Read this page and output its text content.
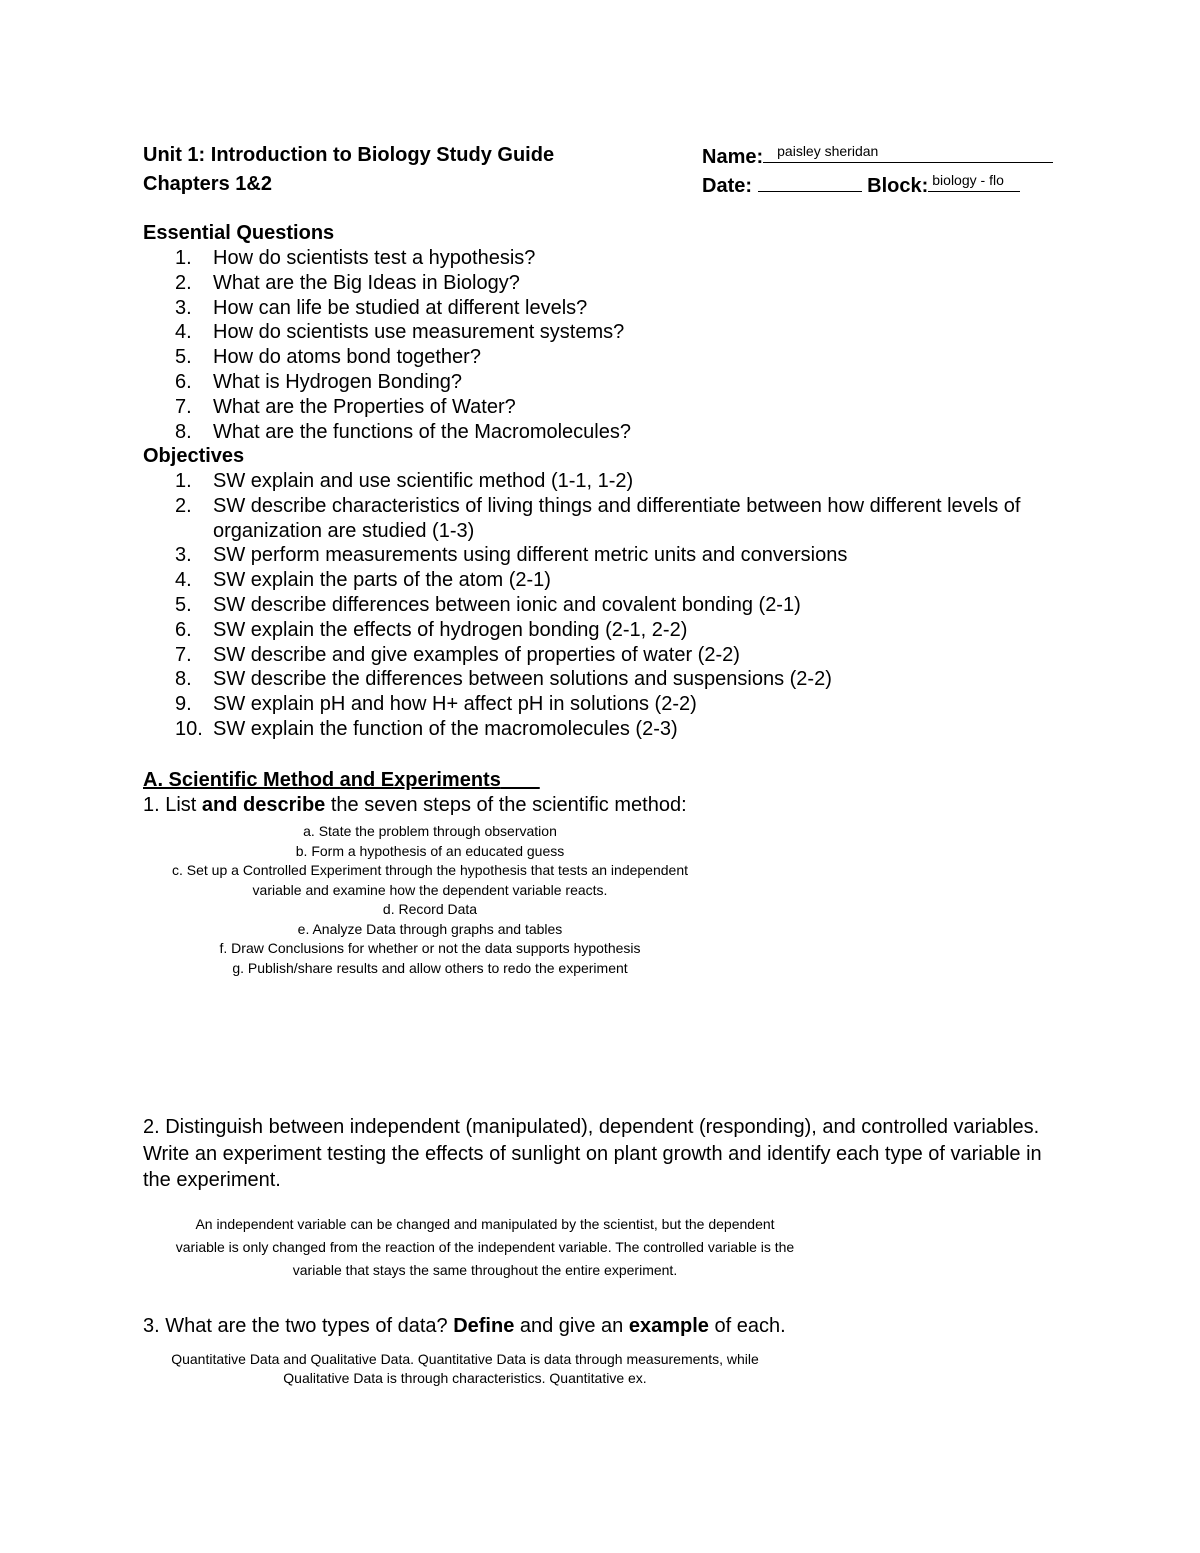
Unit 1: Introduction to Biology Study Guide
Chapters 1&2
Name: paisley sheridan
Date:	Block: biology - flo
Essential Questions
1. How do scientists test a hypothesis?
2. What are the Big Ideas in Biology?
3. How can life be studied at different levels?
4. How do scientists use measurement systems?
5. How do atoms bond together?
6. What is Hydrogen Bonding?
7. What are the Properties of Water?
8. What are the functions of the Macromolecules?
Objectives
1. SW explain and use scientific method (1-1, 1-2)
2. SW describe characteristics of living things and differentiate between how different levels of organization are studied (1-3)
3. SW perform measurements using different metric units and conversions
4. SW explain the parts of the atom (2-1)
5. SW describe differences between ionic and covalent bonding (2-1)
6. SW explain the effects of hydrogen bonding (2-1, 2-2)
7. SW describe and give examples of properties of water (2-2)
8. SW describe the differences between solutions and suspensions (2-2)
9. SW explain pH and how H+ affect pH in solutions (2-2)
10. SW explain the function of the macromolecules (2-3)
A. Scientific Method and Experiments
1. List and describe the seven steps of the scientific method:
a. State the problem through observation
b. Form a hypothesis of an educated guess
c. Set up a Controlled Experiment through the hypothesis that tests an independent
variable and examine how the dependent variable reacts.
d. Record Data
e. Analyze Data through graphs and tables
f. Draw Conclusions for whether or not the data supports hypothesis
g. Publish/share results and allow others to redo the experiment
2. Distinguish between independent (manipulated), dependent (responding), and controlled variables. Write an experiment testing the effects of sunlight on plant growth and identify each type of variable in the experiment.
An independent variable can be changed and manipulated by the scientist, but the dependent
variable is only changed from the reaction of the independent variable. The controlled variable is the
variable that stays the same throughout the entire experiment.
3. What are the two types of data? Define and give an example of each.
Quantitative Data and Qualitative Data. Quantitative Data is data through measurements, while
Qualitative Data is through characteristics. Quantitative ex.
